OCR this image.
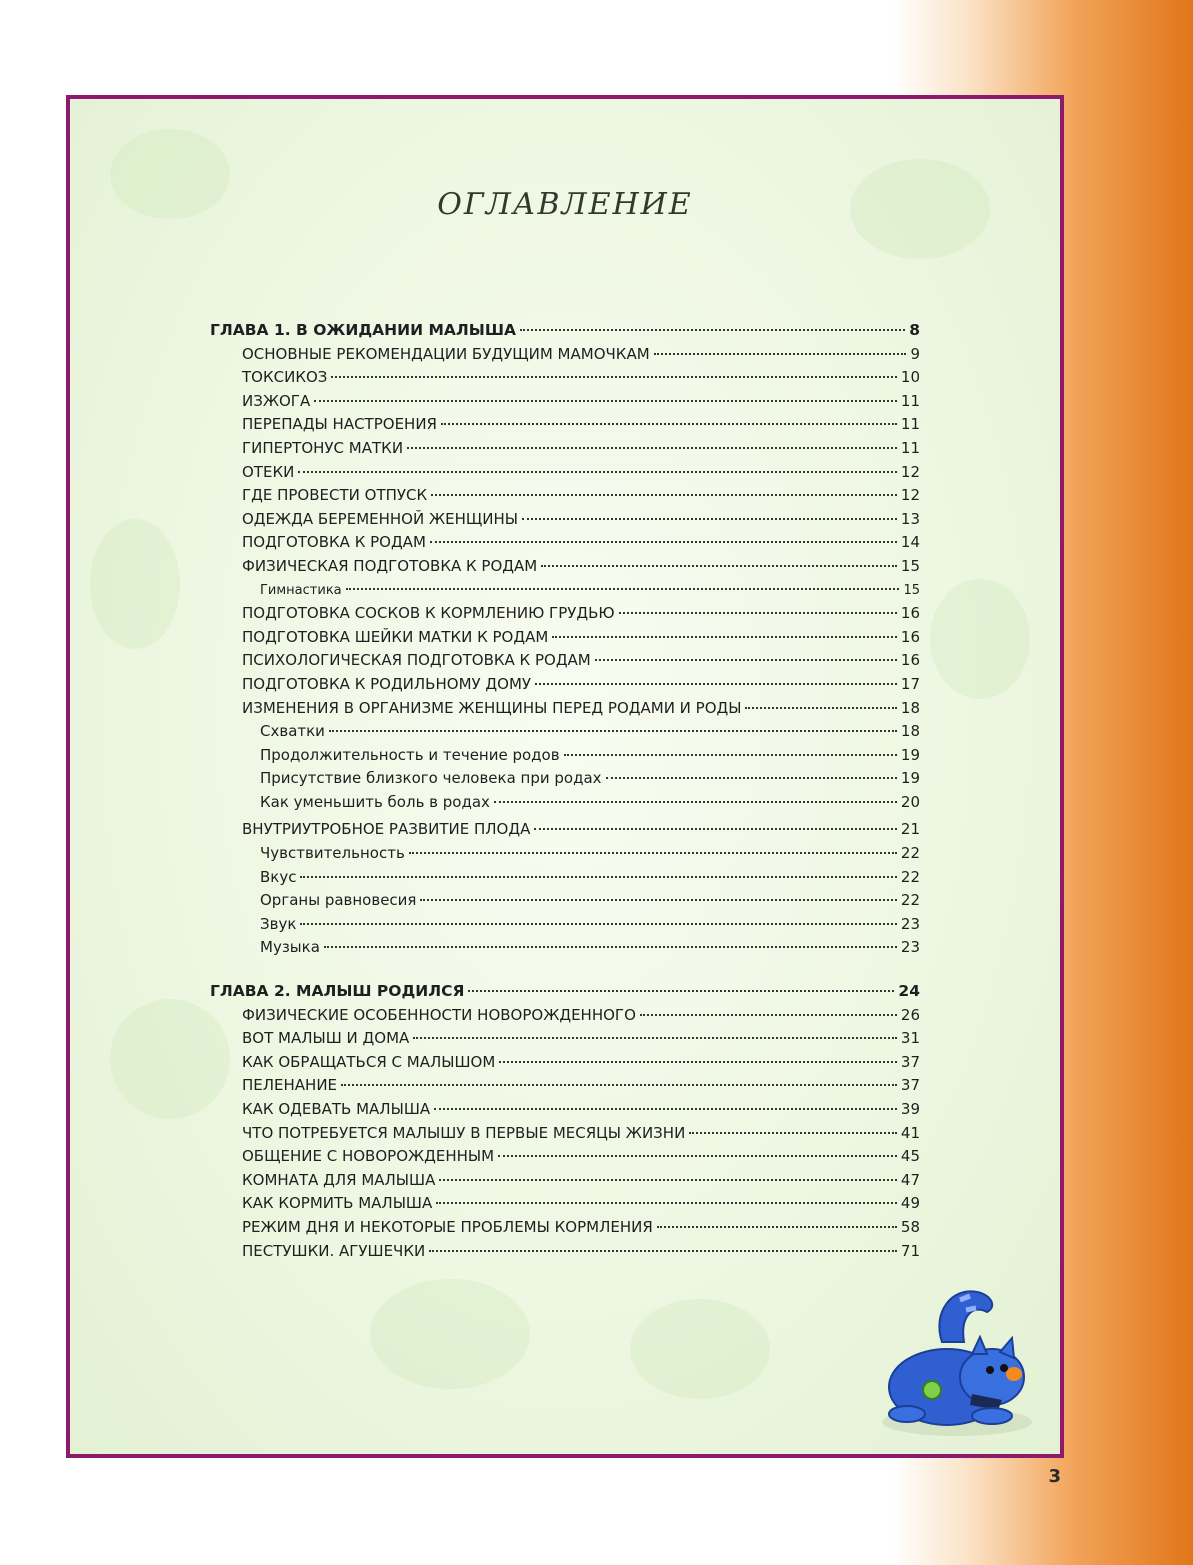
ОГЛАВЛЕНИЕ
ГЛАВА 1. В ОЖИДАНИИ МАЛЫША	8
ОСНОВНЫЕ РЕКОМЕНДАЦИИ БУДУЩИМ МАМОЧКАМ	9
ТОКСИКОЗ	10
ИЗЖОГА	11
ПЕРЕПАДЫ НАСТРОЕНИЯ	11
ГИПЕРТОНУС МАТКИ	11
ОТЕКИ	12
ГДЕ ПРОВЕСТИ ОТПУСК	12
ОДЕЖДА БЕРЕМЕННОЙ ЖЕНЩИНЫ	13
ПОДГОТОВКА К РОДАМ	14
ФИЗИЧЕСКАЯ ПОДГОТОВКА К РОДАМ	15
Гимнастика	15
ПОДГОТОВКА СОСКОВ К КОРМЛЕНИЮ ГРУДЬЮ	16
ПОДГОТОВКА ШЕЙКИ МАТКИ К РОДАМ	16
ПСИХОЛОГИЧЕСКАЯ ПОДГОТОВКА К РОДАМ	16
ПОДГОТОВКА К РОДИЛЬНОМУ ДОМУ	17
ИЗМЕНЕНИЯ В ОРГАНИЗМЕ ЖЕНЩИНЫ ПЕРЕД РОДАМИ И РОДЫ	18
Схватки	18
Продолжительность и течение родов	19
Присутствие близкого человека при родах	19
Как уменьшить боль в родах	20
ВНУТРИУТРОБНОЕ РАЗВИТИЕ ПЛОДА	21
Чувствительность	22
Вкус	22
Органы равновесия	22
Звук	23
Музыка	23
ГЛАВА 2. МАЛЫШ РОДИЛСЯ	24
ФИЗИЧЕСКИЕ ОСОБЕННОСТИ НОВОРОЖДЕННОГО	26
ВОТ МАЛЫШ И ДОМА	31
КАК ОБРАЩАТЬСЯ С МАЛЫШОМ	37
ПЕЛЕНАНИЕ	37
КАК ОДЕВАТЬ МАЛЫША	39
ЧТО ПОТРЕБУЕТСЯ МАЛЫШУ В ПЕРВЫЕ МЕСЯЦЫ ЖИЗНИ	41
ОБЩЕНИЕ С НОВОРОЖДЕННЫМ	45
КОМНАТА ДЛЯ МАЛЫША	47
КАК КОРМИТЬ МАЛЫША	49
РЕЖИМ ДНЯ И НЕКОТОРЫЕ ПРОБЛЕМЫ КОРМЛЕНИЯ	58
ПЕСТУШКИ. АГУШЕЧКИ	71
3
